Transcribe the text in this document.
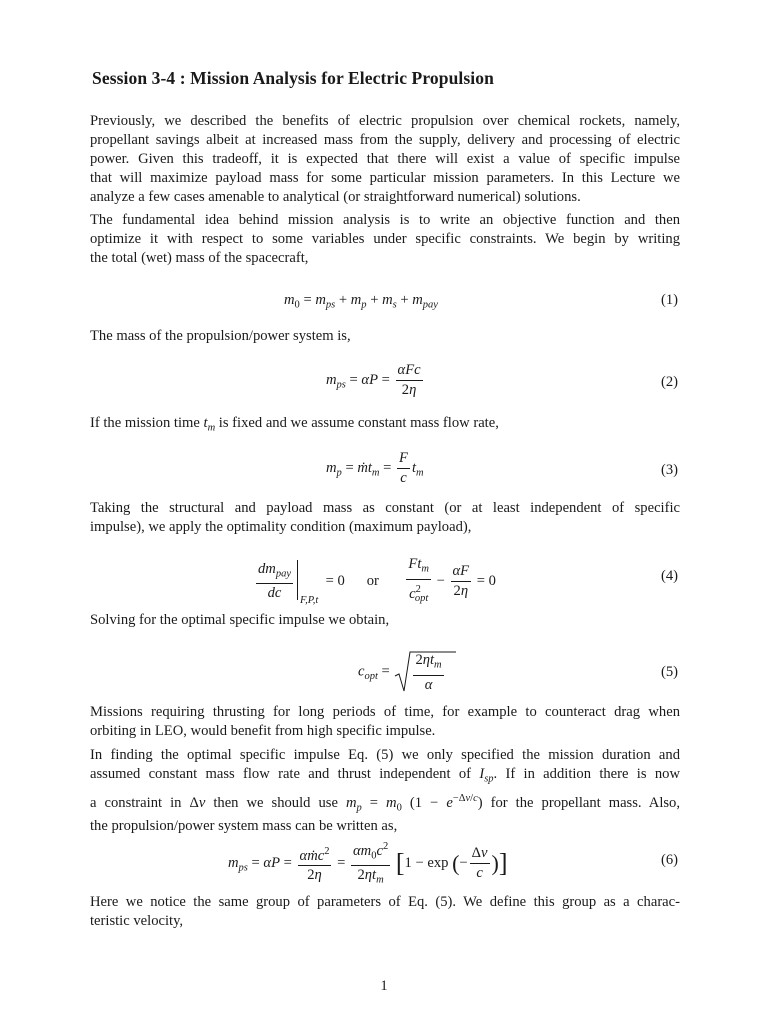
Session 3-4 : Mission Analysis for Electric Propulsion
Previously, we described the benefits of electric propulsion over chemical rockets, namely,
propellant savings albeit at increased mass from the supply, delivery and processing of electric
power. Given this tradeoff, it is expected that there will exist a value of specific impulse
that will maximize payload mass for some particular mission parameters. In this Lecture we
analyze a few cases amenable to analytical (or straightforward numerical) solutions.
The fundamental idea behind mission analysis is to write an objective function and then
optimize it with respect to some variables under specific constraints. We begin by writing
the total (wet) mass of the spacecraft,
$m_0 = m_{ps} + m_p + m_s + m_{pay}$	(1)
The mass of the propulsion/power system is,
$m_{ps} = \alpha P = \frac{\text{αFc}}{2\eta}$	(2)
If the mission time $t_m$ is fixed and we assume constant mass flow rate,
$m_p$ = ṁt$_m$ = $\frac{F}{c} t_m$	(3)
Taking the structural and payload mass as constant (or at least independent of specific
impulse), we apply the optimality condition (maximum payload),
$\frac{dm_{pay}}{dc} _{F,P,t} = 0$      or $\frac{Ft_m}{c^2_{opt}} - \frac{\alpha F}{2\eta} = 0$	(4)
Solving for the optimal specific impulse we obtain,
$c_{opt}$ =
$2\eta t_m$
α
(5)
Missions requiring thrusting for long periods of time, for example to counteract drag when
orbiting in LEO, would benefit from high specific impulse.
In finding the optimal specific impulse Eq. (5) we only specified the mission duration and
assumed constant mass flow rate and thrust independent of $I_{sp}$. If in addition there is now
a constraint in Δv then we should use $m_p = m_0$ $(1 - e^{-\Delta v/c})$ for the propellant mass. Also,
the propulsion/power system mass can be written as,
$m_{ps} = \alpha P = \frac{\alpha ṁc^2}{2\eta} = \frac{\alpha m_0c^2}{2\eta t_m} [1 - \exp$ (− $\frac{\Delta v}{c}$ )]	(6)
Here we notice the same group of parameters of Eq. (5). We define this group as a charac-
teristic velocity,
1
